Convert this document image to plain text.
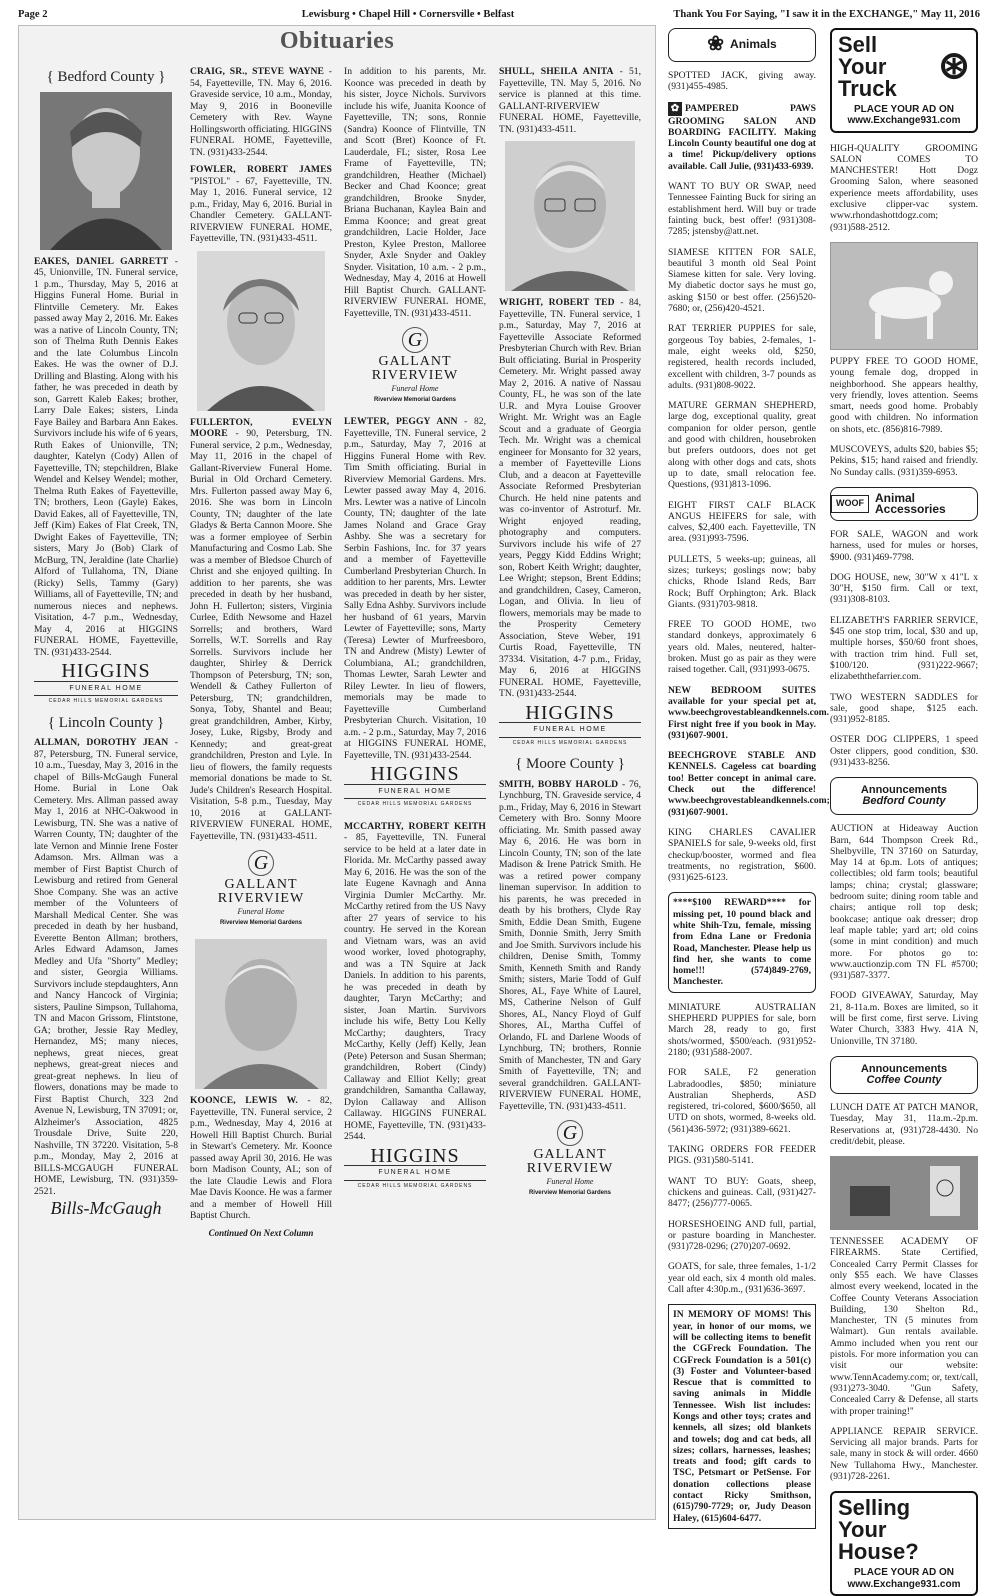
Page 2	Lewisburg • Chapel Hill • Cornersville • Belfast	Thank You For Saying, "I saw it in the EXCHANGE," May 11, 2016
Obituaries
{ Bedford County }

EAKES, DANIEL GARRETT - 45, Unionville, TN. Funeral service, 1 p.m., Thursday, May 5, 2016 at Higgins Funeral Home. Burial in Flintville Cemetery. Mr. Eakes passed away May 2, 2016. Mr. Eakes was a native of Lincoln County, TN; son of Thelma Ruth Dennis Eakes and the late Columbus Lincoln Eakes. He was the owner of D.J. Drilling and Blasting. Along with his father, he was preceded in death by son, Garrett Kaleb Eakes; brother, Larry Dale Eakes; sisters, Linda Faye Bailey and Barbara Ann Eakes. Survivors include his wife of 6 years, Ruth Eakes of Unionville, TN; daughter, Katelyn (Cody) Allen of Fayetteville, TN; stepchildren, Blake Wendel and Kelsey Wendel; mother, Thelma Ruth Eakes of Fayetteville, TN; brothers, Leon (Gayle) Eakes, David Eakes, all of Fayetteville, TN, Jeff (Kim) Eakes of Flat Creek, TN, Dwight Eakes of Fayetteville, TN; sisters, Mary Jo (Bob) Clark of McBurg, TN, Jeraldine (late Charlie) Alford of Tullahoma, TN, Diane (Ricky) Sells, Tammy (Gary) Williams, all of Fayetteville, TN; and numerous nieces and nephews. Visitation, 4-7 p.m., Wednesday, May 4, 2016 at HIGGINS FUNERAL HOME, Fayetteville, TN. (931)433-2544.

HIGGINS
FUNERAL HOME
CEDAR HILLS MEMORIAL GARDENS
{ Lincoln County }

ALLMAN, DOROTHY JEAN - 87, Petersburg, TN. Funeral service, 10 a.m., Tuesday, May 3, 2016 in the chapel of Bills-McGaugh Funeral Home. Burial in Lone Oak Cemetery. Mrs. Allman passed away May 1, 2016 at NHC-Oakwood in Lewisburg, TN. She was a native of Warren County, TN; daughter of the late Vernon and Minnie Irene Foster Adamson. Mrs. Allman was a member of First Baptist Church of Lewisburg and retired from General Shoe Company. She was an active member of the Volunteers of Marshall Medical Center. She was preceded in death by her husband, Everette Benton Allman; brothers, Arles Edward Adamson, James Medley and Ufa "Shorty" Medley; and sister, Georgia Williams. Survivors include stepdaughters, Ann and Nancy Hancock of Virginia; sisters, Pauline Simpson, Tullahoma, TN and Macon Grissom, Flintstone, GA; brother, Jessie Ray Medley, Hernandez, MS; many nieces, nephews, great nieces, great nephews, great-great nieces and great-great nephews. In lieu of flowers, donations may be made to First Baptist Church, 323 2nd Avenue N, Lewisburg, TN 37091; or, Alzheimer's Association, 4825 Trousdale Drive, Suite 220, Nashville, TN 37220. Visitation, 5-8 p.m., Monday, May 2, 2016 at BILLS-MCGAUGH FUNERAL HOME, Lewisburg, TN. (931)359-2521.

Bills-McGaugh

CRAIG, SR., STEVE WAYNE - 54, Fayetteville, TN. May 6, 2016. Graveside service, 10 a.m., Monday, May 9, 2016 in Booneville Cemetery with Rev. Wayne Hollingsworth officiating. HIGGINS FUNERAL HOME, Fayetteville, TN. (931)433-2544.

FOWLER, ROBERT JAMES "PISTOL" - 67, Fayetteville, TN. May 1, 2016. Funeral service, 12 p.m., Friday, May 6, 2016. Burial in Chandler Cemetery. GALLANT-RIVERVIEW FUNERAL HOME, Fayetteville, TN. (931)433-4511.

FULLERTON, EVELYN MOORE - 90, Petersburg, TN. Funeral service, 2 p.m., Wednesday, May 11, 2016 in the chapel of Gallant-Riverview Funeral Home. Burial in Old Orchard Cemetery. Mrs. Fullerton passed away May 6, 2016. She was born in Lincoln County, TN; daughter of the late Gladys & Berta Cannon Moore. She was a former employee of Serbin Manufacturing and Cosmo Lab. She was a member of Bledsoe Church of Christ and she enjoyed quilting. In addition to her parents, she was preceded in death by her husband, John H. Fullerton; sisters, Virginia Curlee, Edith Newsome and Hazel Sorrells; and brothers, Ward Sorrells, W.T. Sorrells and Ray Sorrells. Survivors include her daughter, Shirley & Derrick Thompson of Petersburg, TN; son, Wendell & Cathey Fullerton of Petersburg, TN; grandchildren, Sonya, Toby, Shantel and Beau; great grandchildren, Amber, Kirby, Josey, Luke, Rigsby, Brody and Kennedy; and great-great grandchildren, Preston and Lyle. In lieu of flowers, the family requests memorial donations be made to St. Jude's Children's Research Hospital. Visitation, 5-8 p.m., Tuesday, May 10, 2016 at GALLANT-RIVERVIEW FUNERAL HOME, Fayetteville, TN. (931)433-4511.

G
GALLANT RIVERVIEW
Funeral Home
Riverview Memorial Gardens

KOONCE, LEWIS W. - 82, Fayetteville, TN. Funeral service, 2 p.m., Wednesday, May 4, 2016 at Howell Hill Baptist Church. Burial in Stewart's Cemetery. Mr. Koonce passed away April 30, 2016. He was born Madison County, AL; son of the late Claudie Lewis and Flora Mae Davis Koonce. He was a farmer and a member of Howell Hill Baptist Church.

Continued On Next Column

In addition to his parents, Mr. Koonce was preceded in death by his sister, Joyce Nichols. Survivors include his wife, Juanita Koonce of Fayetteville, TN; sons, Ronnie (Sandra) Koonce of Flintville, TN and Scott (Bret) Koonce of Ft. Lauderdale, FL; sister, Rosa Lee Frame of Fayetteville, TN; grandchildren, Heather (Michael) Becker and Chad Koonce; great grandchildren, Brooke Snyder, Briana Buchanan, Kaylea Bain and Emma Koonce; and great great grandchildren, Lacie Holder, Jace Preston, Kylee Preston, Malloree Snyder, Axle Snyder and Oakley Snyder. Visitation, 10 a.m. - 2 p.m., Wednesday, May 4, 2016 at Howell Hill Baptist Church. GALLANT-RIVERVIEW FUNERAL HOME, Fayetteville, TN. (931)433-4511.

G
GALLANT RIVERVIEW
Funeral Home
Riverview Memorial Gardens

LEWTER, PEGGY ANN - 82, Fayetteville, TN. Funeral service, 2 p.m., Saturday, May 7, 2016 at Higgins Funeral Home with Rev. Tim Smith officiating. Burial in Riverview Memorial Gardens. Mrs. Lewter passed away May 4, 2016. Mrs. Lewter was a native of Lincoln County, TN; daughter of the late James Noland and Grace Gray Ashby. She was a secretary for Serbin Fashions, Inc. for 37 years and a member of Fayetteville Cumberland Presbyterian Church. In addition to her parents, Mrs. Lewter was preceded in death by her sister, Sally Edna Ashby. Survivors include her husband of 61 years, Marvin Lewter of Fayetteville; sons, Marty (Teresa) Lewter of Murfreesboro, TN and Andrew (Misty) Lewter of Columbiana, AL; grandchildren, Thomas Lewter, Sarah Lewter and Riley Lewter. In lieu of flowers, memorials may be made to Fayetteville Cumberland Presbyterian Church. Visitation, 10 a.m. - 2 p.m., Saturday, May 7, 2016 at HIGGINS FUNERAL HOME, Fayetteville, TN. (931)433-2544.

HIGGINS
FUNERAL HOME
CEDAR HILLS MEMORIAL GARDENS

MCCARTHY, ROBERT KEITH - 85, Fayetteville, TN. Funeral service to be held at a later date in Florida. Mr. McCarthy passed away May 6, 2016. He was the son of the late Eugene Kavnagh and Anna Virginia Dumler McCarthy. Mr. McCarthy retired from the US Navy after 27 years of service to his country. He served in the Korean and Vietnam wars, was an avid wood worker, loved photography, and was a TN Squire at Jack Daniels. In addition to his parents, he was preceded in death by daughter, Taryn McCarthy; and sister, Joan Martin. Survivors include his wife, Betty Lou Kelly McCarthy; daughters, Tracy McCarthy, Kelly (Jeff) Kelly, Jean (Pete) Peterson and Susan Sherman; grandchildren, Robert (Cindy) Callaway and Elliot Kelly; great grandchildren, Samantha Callaway, Dylon Callaway and Allison Callaway. HIGGINS FUNERAL HOME, Fayetteville, TN. (931)433-2544.

HIGGINS
FUNERAL HOME
CEDAR HILLS MEMORIAL GARDENS

SHULL, SHEILA ANITA - 51, Fayetteville, TN. May 5, 2016. No service is planned at this time. GALLANT-RIVERVIEW FUNERAL HOME, Fayetteville, TN. (931)433-4511.

WRIGHT, ROBERT TED - 84, Fayetteville, TN. Funeral service, 1 p.m., Saturday, May 7, 2016 at Fayetteville Associate Reformed Presbyterian Church with Rev. Brian Bult officiating. Burial in Prosperity Cemetery. Mr. Wright passed away May 2, 2016. A native of Nassau County, FL, he was son of the late U.R. and Myra Louise Groover Wright. Mr. Wright was an Eagle Scout and a graduate of Georgia Tech. Mr. Wright was a chemical engineer for Monsanto for 32 years, a member of Fayetteville Lions Club, and a deacon at Fayetteville Associate Reformed Presbyterian Church. He held nine patents and was co-inventor of Astroturf. Mr. Wright enjoyed reading, photography and computers. Survivors include his wife of 27 years, Peggy Kidd Eddins Wright; son, Robert Keith Wright; daughter, Lee Wright; stepson, Brent Eddins; and grandchildren, Casey, Cameron, Logan, and Olivia. In lieu of flowers, memorials may be made to the Prosperity Cemetery Association, Steve Weber, 191 Curtis Road, Fayetteville, TN 37334. Visitation, 4-7 p.m., Friday, May 6, 2016 at HIGGINS FUNERAL HOME, Fayetteville, TN. (931)433-2544.

HIGGINS
FUNERAL HOME
CEDAR HILLS MEMORIAL GARDENS
{ Moore County }

SMITH, BOBBY HAROLD - 76, Lynchburg, TN. Graveside service, 4 p.m., Friday, May 6, 2016 in Stewart Cemetery with Bro. Sonny Moore officiating. Mr. Smith passed away May 6, 2016. He was born in Lincoln County, TN; son of the late Madison & Irene Patrick Smith. He was a retired power company lineman supervisor. In addition to his parents, he was preceded in death by his brothers, Clyde Ray Smith, Eddie Dean Smith, Eugene Smith, Donnie Smith, Jerry Smith and Joe Smith. Survivors include his children, Denise Smith, Tommy Smith, Kenneth Smith and Randy Smith; sisters, Marie Todd of Gulf Shores, AL, Faye White of Laurel, MS, Catherine Nelson of Gulf Shores, AL, Nancy Floyd of Gulf Shores, AL, Martha Cuffel of Orlando, FL and Darlene Woods of Lynchburg, TN; brothers, Ronnie Smith of Manchester, TN and Gary Smith of Fayetteville, TN; and several grandchildren. GALLANT-RIVERVIEW FUNERAL HOME, Fayetteville, TN. (931)433-4511.

G
GALLANT RIVERVIEW
Funeral Home
Riverview Memorial Gardens
❀ Animals

SPOTTED JACK, giving away. (931)455-4985.

✿ PAMPERED PAWS GROOMING SALON AND BOARDING FACILITY. Making Lincoln County beautiful one dog at a time! Pickup/delivery options available. Call Julie, (931)433-6939.

WANT TO BUY OR SWAP, need Tennessee Fainting Buck for siring an establishment herd. Will buy or trade fainting buck, best offer! (931)308-7285; jstensby@att.net.

SIAMESE KITTEN FOR SALE, beautiful 3 month old Seal Point Siamese kitten for sale. Very loving. My diabetic doctor says he must go, asking $150 or best offer. (256)520-7680; or, (256)420-4521.

RAT TERRIER PUPPIES for sale, gorgeous Toy babies, 2-females, 1-male, eight weeks old, $250, registered, health records included, excellent with children, 3-7 pounds as adults. (931)808-9022.

MATURE GERMAN SHEPHERD, large dog, exceptional quality, great companion for older person, gentle and good with children, housebroken but prefers outdoors, does not get along with other dogs and cats, shots up to date, small relocation fee. Questions, (931)813-1096.

EIGHT FIRST CALF BLACK ANGUS HEIFERS for sale, with calves, $2,400 each. Fayetteville, TN area. (931)993-7596.

PULLETS, 5 weeks-up; guineas, all sizes; turkeys; goslings now; baby chicks, Rhode Island Reds, Barr Rock; Buff Orphington; Ark. Black Giants. (931)703-9818.

FREE TO GOOD HOME, two standard donkeys, approximately 6 years old. Males, neutered, halter-broken. Must go as pair as they were raised together. Call, (931)993-0675.

NEW BEDROOM SUITES available for your special pet at, www.beechgrovestableandkennels.com. First night free if you book in May. (931)607-9001.

BEECHGROVE STABLE AND KENNELS. Cageless cat boarding too! Better concept in animal care. Check out the difference! www.beechgrovestableandkennels.com; (931)607-9001.

KING CHARLES CAVALIER SPANIELS for sale, 9-weeks old, first checkup/booster, wormed and flea treatments, no registration, $600. (931)625-6123.

****$100 REWARD**** for missing pet, 10 pound black and white Shih-Tzu, female, missing from Edna Lane or Fredonia Road, Manchester. Please help us find her, she wants to come home!!! (574)849-2769, Manchester.

MINIATURE AUSTRALIAN SHEPHERD PUPPIES for sale, born March 28, ready to go, first shots/wormed, $500/each. (931)952-2180; (931)588-2007.

FOR SALE, F2 generation Labradoodles, $850; miniature Australian Shepherds, ASD registered, tri-colored, $600/$650, all UTD on shots, wormed, 8-weeks old. (561)436-5972; (931)389-6621.

TAKING ORDERS FOR FEEDER PIGS. (931)580-5141.

WANT TO BUY: Goats, sheep, chickens and guineas. Call, (931)427-8477; (256)777-0065.

HORSESHOEING AND full, partial, or pasture boarding in Manchester. (931)728-0296; (270)207-0692.

GOATS, for sale, three females, 1-1/2 year old each, six 4 month old males. Call after 4:30p.m., (931)636-3697.

IN MEMORY OF MOMS! This year, in honor of our moms, we will be collecting items to benefit the CGFreck Foundation. The CGFreck Foundation is a 501(c)(3) Foster and Volunteer-based Rescue that is committed to saving animals in Middle Tennessee. Wish list includes: Kongs and other toys; crates and kennels, all sizes; old blankets and towels; dog and cat beds, all sizes; collars, harnesses, leashes; treats and food; gift cards to TSC, Petsmart or PetSense. For donation collections please contact Ricky Smithson, (615)790-7729; or, Judy Deason Haley, (615)604-6477.

Sell
Your
Truck
⊛
PLACE YOUR AD ON
www.Exchange931.com

HIGH-QUALITY GROOMING SALON COMES TO MANCHESTER! Hott Dogz Grooming Salon, where seasoned experience meets affordability, uses exclusive clipper-vac system. www.rhondashottdogz.com; (931)588-2512.

PUPPY FREE TO GOOD HOME, young female dog, dropped in neighborhood. She appears healthy, very friendly, loves attention. Seems smart, needs good home. Probably good with children. No information on shots, etc. (856)816-7989.

MUSCOVEYS, adults $20, babies $5; Pekins, $15; hand raised and friendly. No Sunday calls. (931)359-6953.

WOOF Animal Accessories

FOR SALE, WAGON and work harness, used for mules or horses, $900. (931)469-7798.

DOG HOUSE, new, 30"W x 41"L x 30"H, $150 firm. Call or text, (931)308-8103.

ELIZABETH'S FARRIER SERVICE, $45 one stop trim, local, $30 and up, multiple horses, $50/60 front shoes, with traction trim hind. Full set, $100/120. (931)222-9667; elizabeththefarrier.com.

TWO WESTERN SADDLES for sale, good shape, $125 each. (931)952-8185.

OSTER DOG CLIPPERS, 1 speed Oster clippers, good condition, $30. (931)433-8256.

Announcements
Bedford County

AUCTION at Hideaway Auction Barn, 644 Thompson Creek Rd., Shelbyville, TN 37160 on Saturday, May 14 at 6p.m. Lots of antiques; collectibles; old farm tools; beautiful lamps; china; crystal; glassware; bedroom suite; dining room table and chairs; antique roll top desk; bookcase; antique oak dresser; drop leaf maple table; yard art; old coins (some in mint condition) and much more. For photos go to: www.auctionzip.com TN FL #5700; (931)587-3377.

FOOD GIVEAWAY, Saturday, May 21, 8-11a.m. Boxes are limited, so it will be first come, first serve. Living Water Church, 3383 Hwy. 41A N, Unionville, TN 37180.

Announcements
Coffee County

LUNCH DATE AT PATCH MANOR, Tuesday, May 31, 11a.m.-2p.m. Reservations at, (931)728-4430. No credit/debit, please.

TENNESSEE ACADEMY OF FIREARMS. State Certified, Concealed Carry Permit Classes for only $55 each. We have Classes almost every weekend, located in the Coffee County Veterans Association Building, 130 Shelton Rd., Manchester, TN (5 minutes from Walmart). Gun rentals available. Ammo included when you rent our pistols. For more information you can visit our website: www.TennAcademy.com; or, text/call, (931)273-3040. "Gun Safety, Concealed Carry & Defense, all starts with proper training!"

APPLIANCE REPAIR SERVICE. Servicing all major brands. Parts for sale, many in stock & will order. 4660 New Tullahoma Hwy., Manchester. (931)728-2261.

Selling
Your
House?
PLACE YOUR AD ON
www.Exchange931.com
